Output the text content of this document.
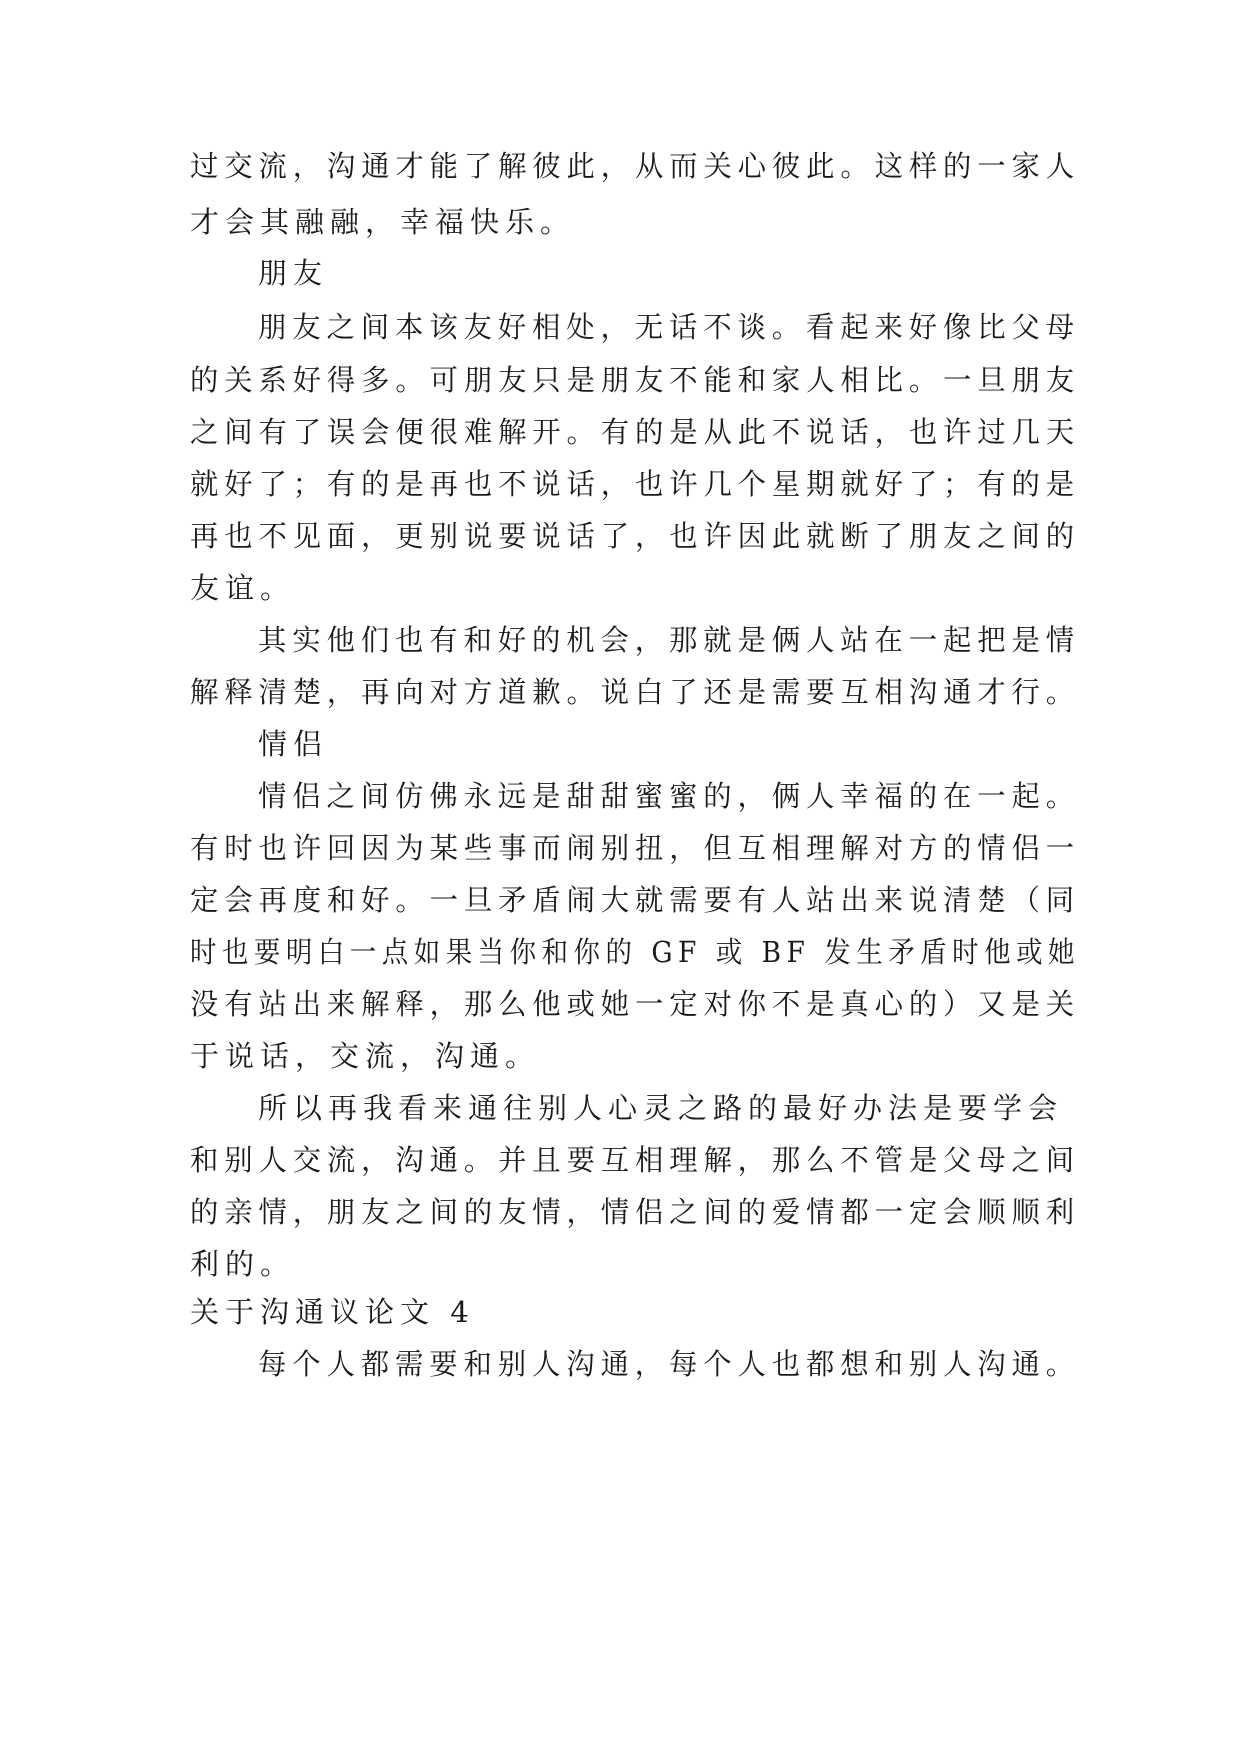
过交流，沟通才能了解彼此，从而关心彼此。这样的一家人
才会其融融，幸福快乐。
朋友
朋友之间本该友好相处，无话不谈。看起来好像比父母
的关系好得多。可朋友只是朋友不能和家人相比。一旦朋友
之间有了误会便很难解开。有的是从此不说话，也许过几天
就好了；有的是再也不说话，也许几个星期就好了；有的是
再也不见面，更别说要说话了，也许因此就断了朋友之间的
友谊。
其实他们也有和好的机会，那就是俩人站在一起把是情
解释清楚，再向对方道歉。说白了还是需要互相沟通才行。
情侣
情侣之间仿佛永远是甜甜蜜蜜的，俩人幸福的在一起。
有时也许回因为某些事而闹别扭，但互相理解对方的情侣一
定会再度和好。一旦矛盾闹大就需要有人站出来说清楚（同
时也要明白一点如果当你和你的 GF 或 BF 发生矛盾时他或她
没有站出来解释，那么他或她一定对你不是真心的）又是关
于说话，交流，沟通。
所以再我看来通往别人心灵之路的最好办法是要学会
和别人交流，沟通。并且要互相理解，那么不管是父母之间
的亲情，朋友之间的友情，情侣之间的爱情都一定会顺顺利
利的。
关于沟通议论文 4
每个人都需要和别人沟通，每个人也都想和别人沟通。
